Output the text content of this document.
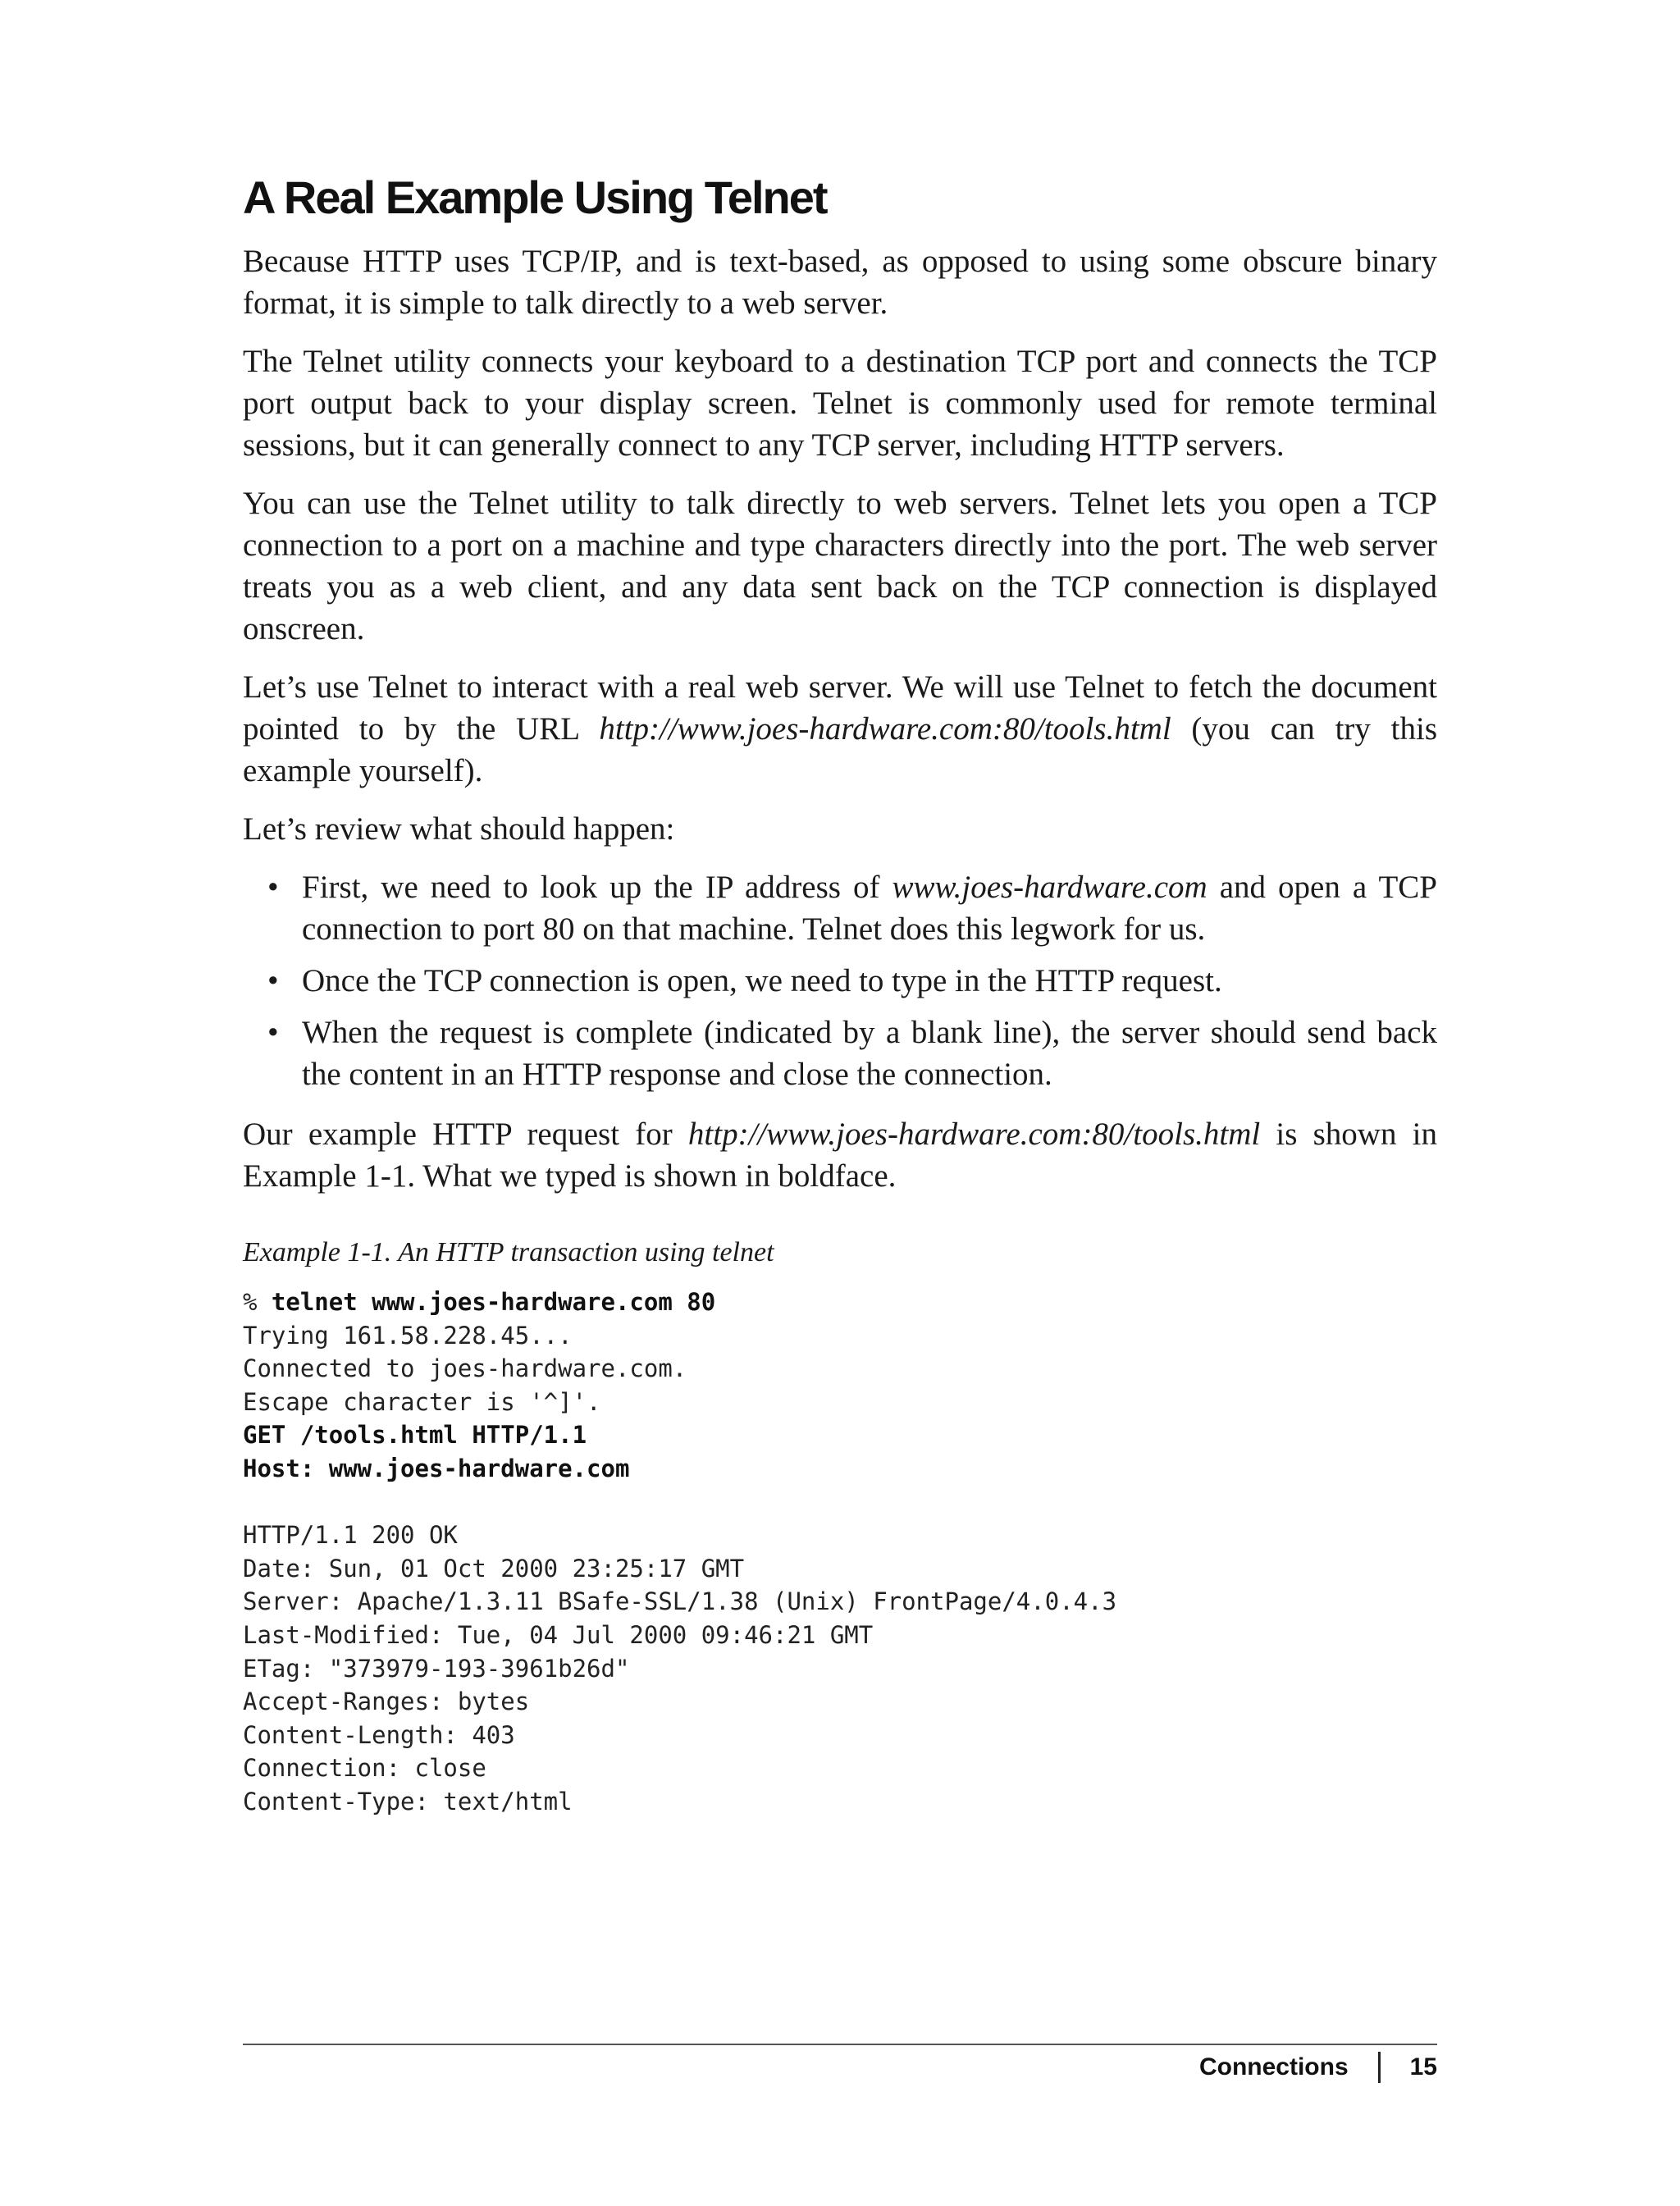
A Real Example Using Telnet

Because HTTP uses TCP/IP, and is text-based, as opposed to using some obscure binary format, it is simple to talk directly to a web server.

The Telnet utility connects your keyboard to a destination TCP port and connects the TCP port output back to your display screen. Telnet is commonly used for remote terminal sessions, but it can generally connect to any TCP server, including HTTP servers.

You can use the Telnet utility to talk directly to web servers. Telnet lets you open a TCP connection to a port on a machine and type characters directly into the port. The web server treats you as a web client, and any data sent back on the TCP connection is displayed onscreen.

Let’s use Telnet to interact with a real web server. We will use Telnet to fetch the document pointed to by the URL http://www.joes-hardware.com:80/tools.html (you can try this example yourself).

Let’s review what should happen:

• First, we need to look up the IP address of www.joes-hardware.com and open a TCP connection to port 80 on that machine. Telnet does this legwork for us.
• Once the TCP connection is open, we need to type in the HTTP request.
• When the request is complete (indicated by a blank line), the server should send back the content in an HTTP response and close the connection.

Our example HTTP request for http://www.joes-hardware.com:80/tools.html is shown in Example 1-1. What we typed is shown in boldface.

Example 1-1. An HTTP transaction using telnet
% telnet www.joes-hardware.com 80
Trying 161.58.228.45...
Connected to joes-hardware.com.
Escape character is '^]'.
GET /tools.html HTTP/1.1
Host: www.joes-hardware.com
HTTP/1.1 200 OK
Date: Sun, 01 Oct 2000 23:25:17 GMT
Server: Apache/1.3.11 BSafe-SSL/1.38 (Unix) FrontPage/4.0.4.3
Last-Modified: Tue, 04 Jul 2000 09:46:21 GMT
ETag: "373979-193-3961b26d"
Accept-Ranges: bytes
Content-Length: 403
Connection: close
Content-Type: text/html
Connections	15
